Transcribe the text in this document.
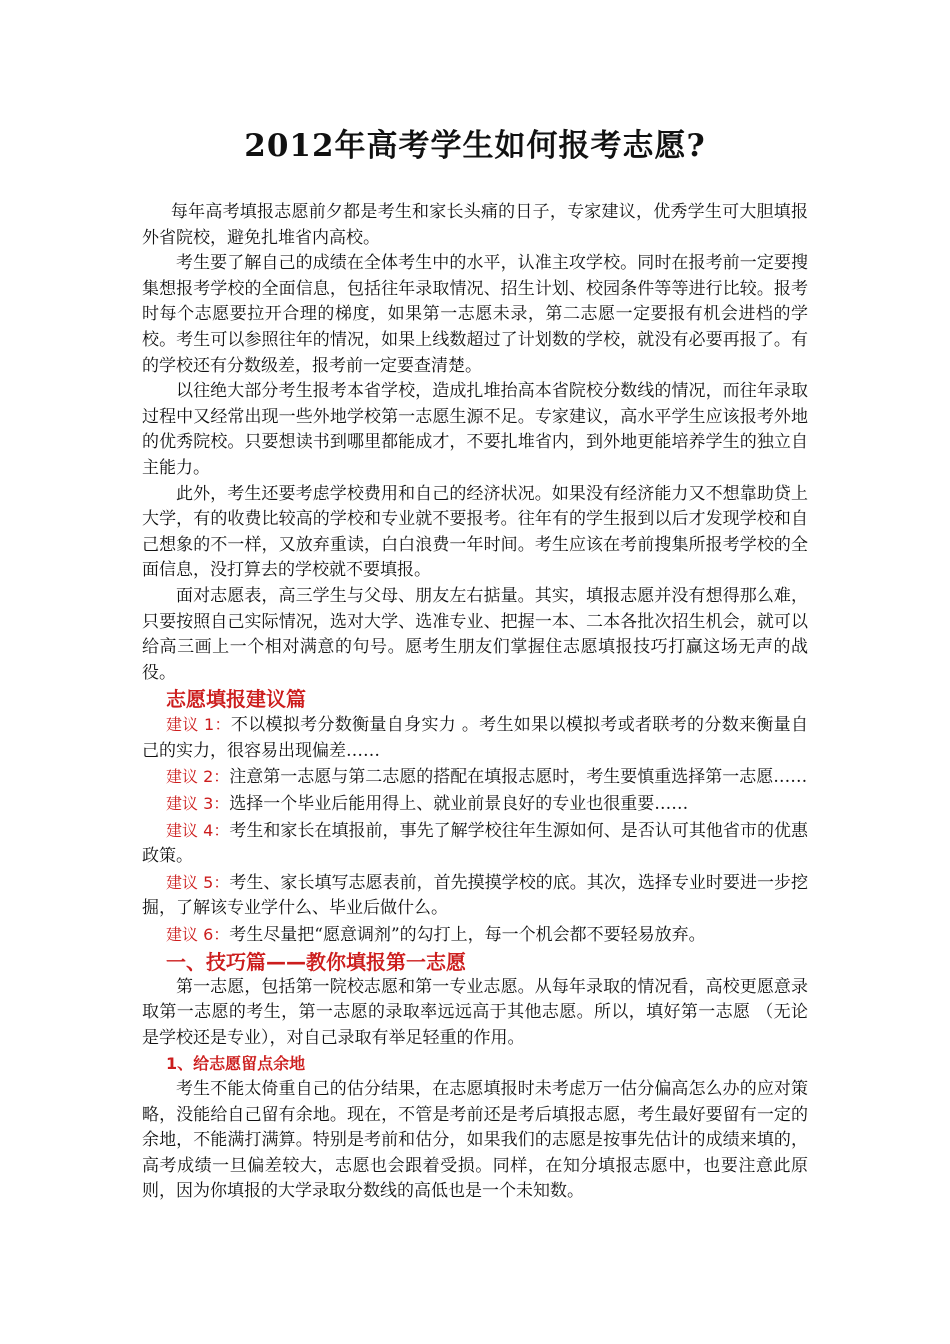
2012年高考学生如何报考志愿?

每年高考填报志愿前夕都是考生和家长头痛的日子，专家建议，优秀学生可大胆填报外省院校，避免扎堆省内高校。

考生要了解自己的成绩在全体考生中的水平，认准主攻学校。同时在报考前一定要搜集想报考学校的全面信息，包括往年录取情况、招生计划、校园条件等等进行比较。报考时每个志愿要拉开合理的梯度，如果第一志愿未录，第二志愿一定要报有机会进档的学校。考生可以参照往年的情况，如果上线数超过了计划数的学校，就没有必要再报了。有的学校还有分数级差，报考前一定要查清楚。

以往绝大部分考生报考本省学校，造成扎堆抬高本省院校分数线的情况，而往年录取过程中又经常出现一些外地学校第一志愿生源不足。专家建议，高水平学生应该报考外地的优秀院校。只要想读书到哪里都能成才，不要扎堆省内，到外地更能培养学生的独立自主能力。

此外，考生还要考虑学校费用和自己的经济状况。如果没有经济能力又不想靠助贷上大学，有的收费比较高的学校和专业就不要报考。往年有的学生报到以后才发现学校和自己想象的不一样，又放弃重读，白白浪费一年时间。考生应该在考前搜集所报考学校的全面信息，没打算去的学校就不要填报。

面对志愿表，高三学生与父母、朋友左右掂量。其实，填报志愿并没有想得那么难，只要按照自己实际情况，选对大学、选准专业、把握一本、二本各批次招生机会，就可以给高三画上一个相对满意的句号。愿考生朋友们掌握住志愿填报技巧打赢这场无声的战役。

志愿填报建议篇

建议 1：不以模拟考分数衡量自身实力 。考生如果以模拟考或者联考的分数来衡量自己的实力，很容易出现偏差……

建议 2：注意第一志愿与第二志愿的搭配在填报志愿时，考生要慎重选择第一志愿……

建议 3：选择一个毕业后能用得上、就业前景良好的专业也很重要……

建议 4：考生和家长在填报前，事先了解学校往年生源如何、是否认可其他省市的优惠政策。

建议 5：考生、家长填写志愿表前，首先摸摸学校的底。其次，选择专业时要进一步挖掘，了解该专业学什么、毕业后做什么。

建议 6：考生尽量把“愿意调剂”的勾打上，每一个机会都不要轻易放弃。

一、技巧篇——教你填报第一志愿

第一志愿，包括第一院校志愿和第一专业志愿。从每年录取的情况看，高校更愿意录取第一志愿的考生，第一志愿的录取率远远高于其他志愿。所以，填好第一志愿 （无论是学校还是专业），对自己录取有举足轻重的作用。

1、给志愿留点余地

考生不能太倚重自己的估分结果，在志愿填报时未考虑万一估分偏高怎么办的应对策略，没能给自己留有余地。现在，不管是考前还是考后填报志愿，考生最好要留有一定的余地，不能满打满算。特别是考前和估分，如果我们的志愿是按事先估计的成绩来填的，高考成绩一旦偏差较大，志愿也会跟着受损。同样，在知分填报志愿中，也要注意此原则，因为你填报的大学录取分数线的高低也是一个未知数。
